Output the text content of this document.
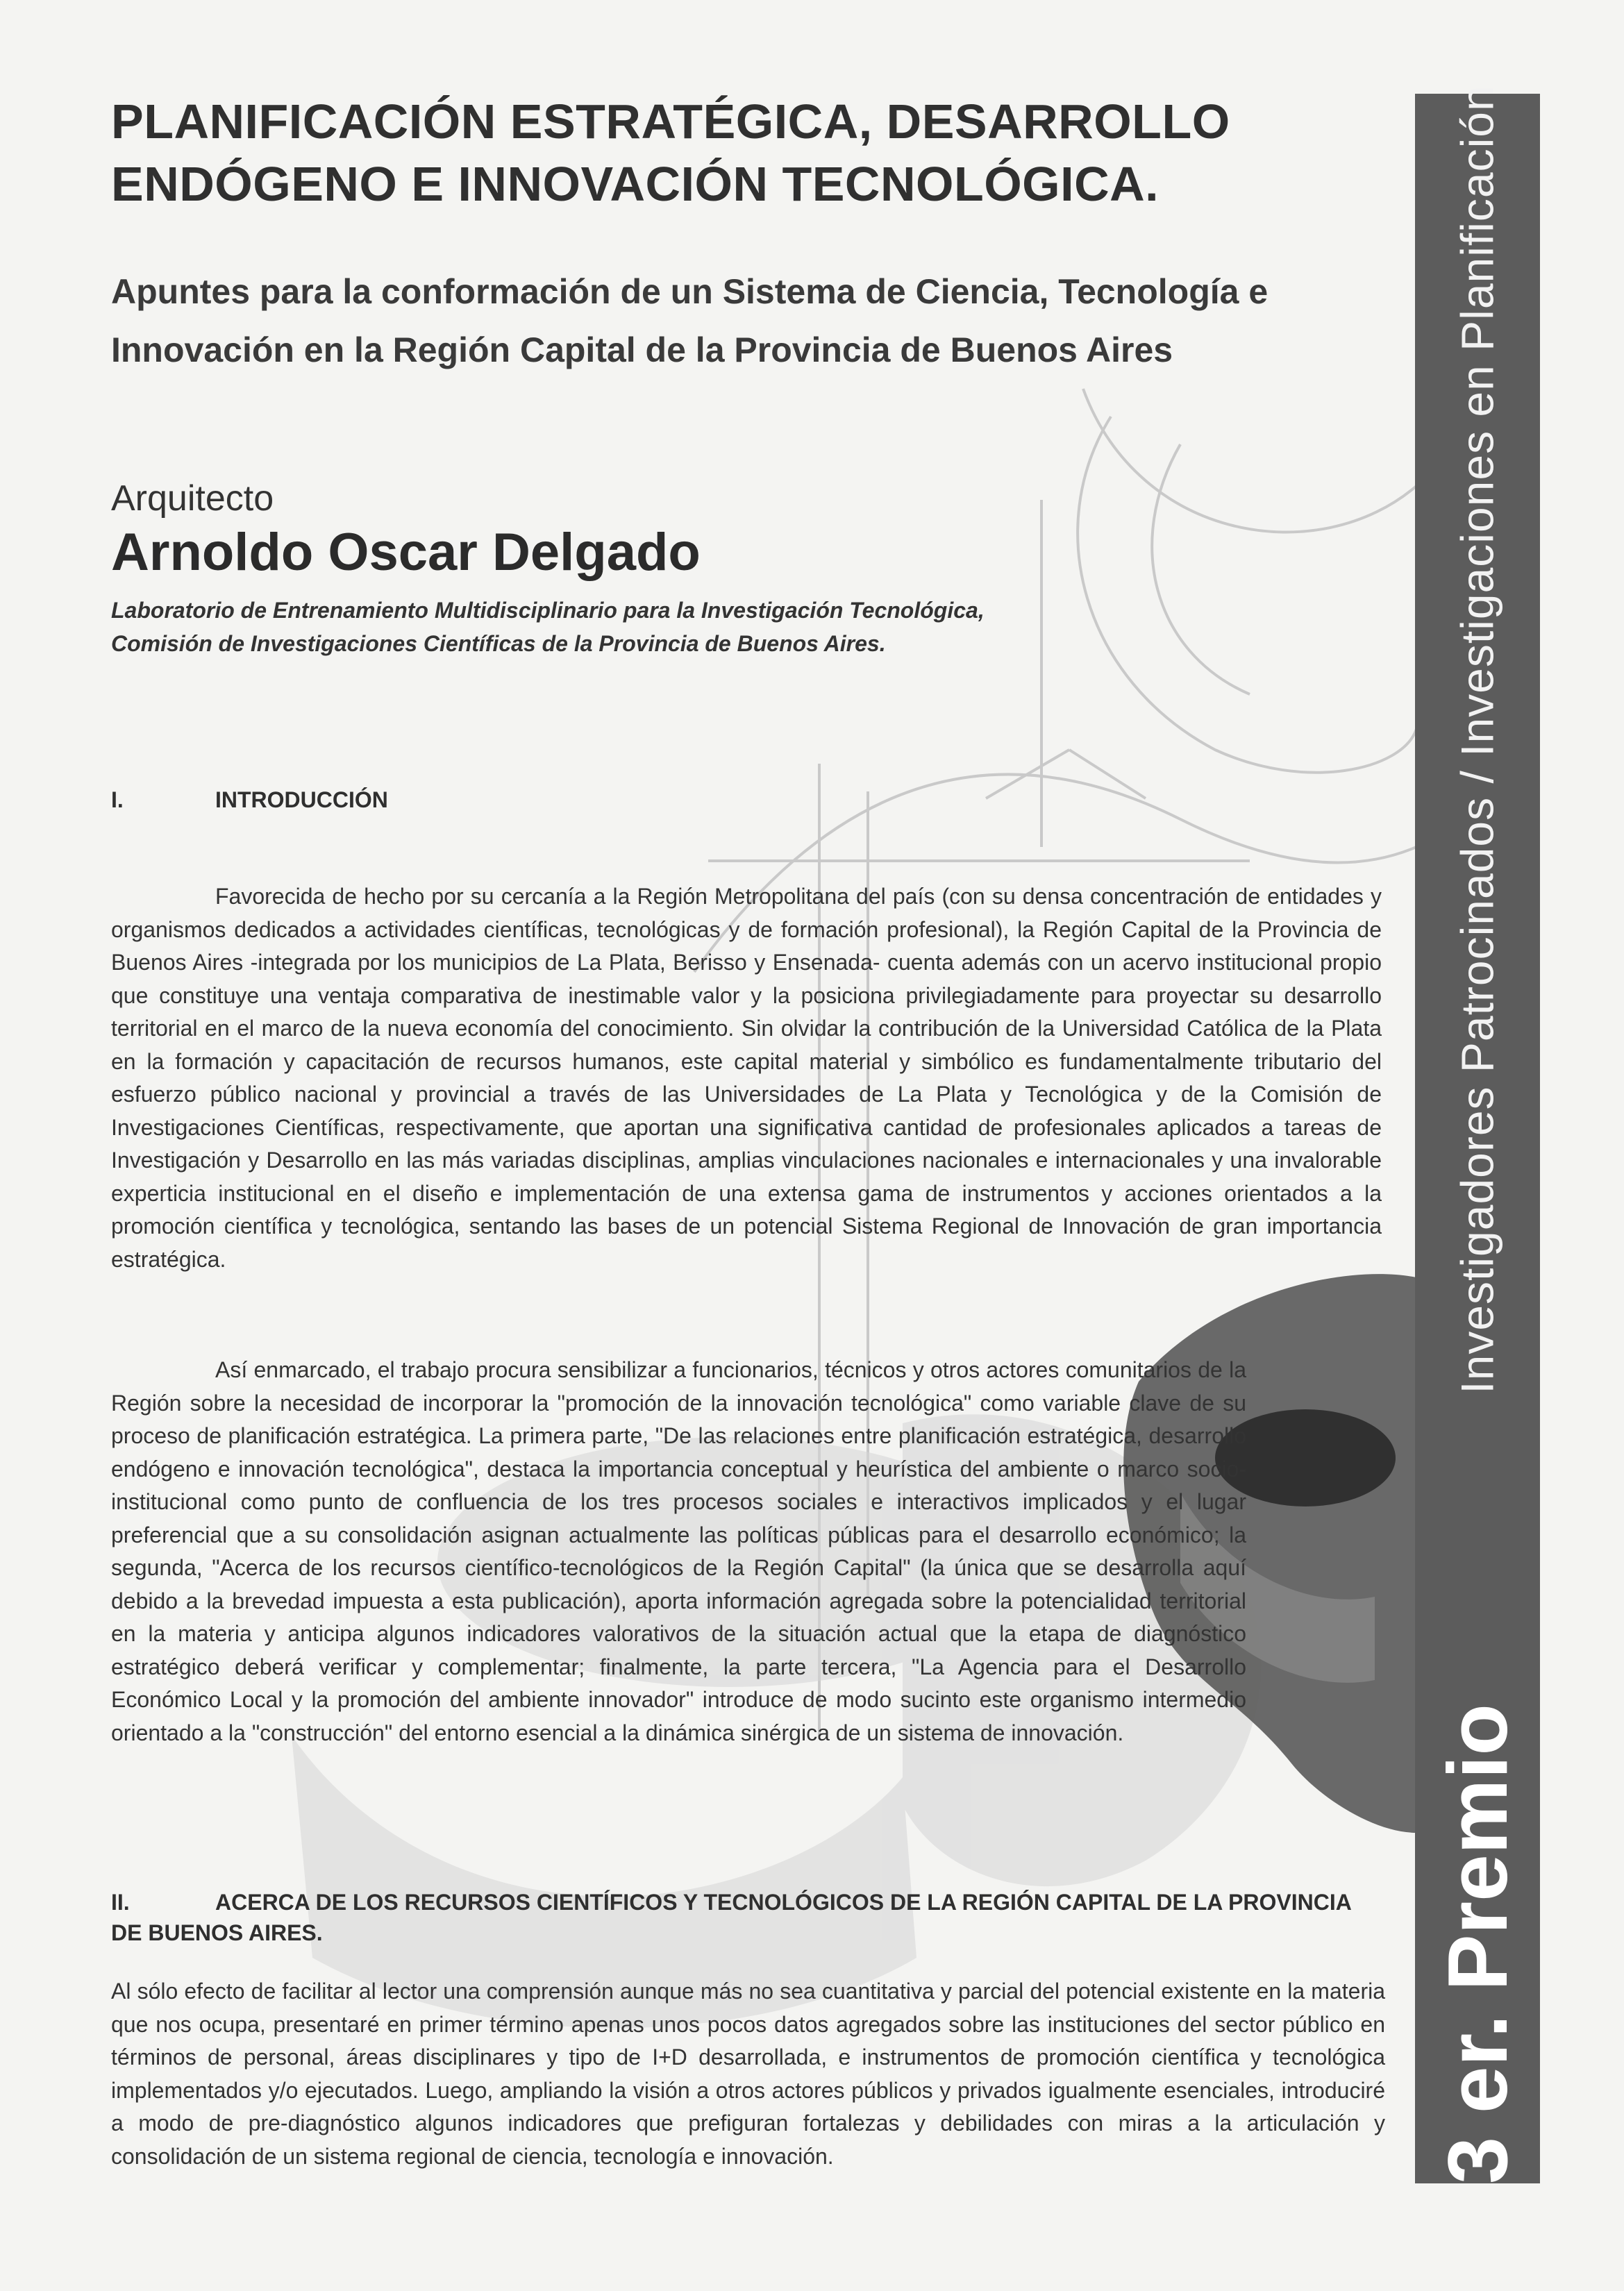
Investigadores Patrocinados / Investigaciones en Planificación
3 er. Premio
PLANIFICACIÓN ESTRATÉGICA, DESARROLLO ENDÓGENO E INNOVACIÓN TECNOLÓGICA.
Apuntes para la conformación de un Sistema de Ciencia, Tecnología e Innovación en la Región Capital de la Provincia de Buenos Aires
Arquitecto
Arnoldo Oscar Delgado
Laboratorio de Entrenamiento Multidisciplinario para la Investigación Tecnológica,
Comisión de Investigaciones Científicas de la Provincia de Buenos Aires.
I.	INTRODUCCIÓN

Favorecida de hecho por su cercanía a la Región Metropolitana del país (con su densa concentración de entidades y organismos dedicados a actividades científicas, tecnológicas y de formación profesional), la Región Capital de la Provincia de Buenos Aires -integrada por los municipios de La Plata, Berisso y Ensenada- cuenta además con un acervo institucional propio que constituye una ventaja comparativa de inestimable valor y la posiciona privilegiadamente para proyectar su desarrollo territorial en el marco de la nueva economía del conocimiento. Sin olvidar la contribución de la Universidad Católica de la Plata en la formación y capacitación de recursos humanos, este capital material y simbólico es fundamentalmente tributario del esfuerzo público nacional y provincial a través de las Universidades de La Plata y Tecnológica y de la Comisión de Investigaciones Científicas, respectivamente, que aportan una significativa cantidad de profesionales aplicados a tareas de Investigación y Desarrollo en las más variadas disciplinas, amplias vinculaciones nacionales e internacionales y una invalorable experticia institucional en el diseño e implementación de una extensa gama de instrumentos y acciones orientados a la promoción científica y tecnológica, sentando las bases de un potencial Sistema Regional de Innovación de gran importancia estratégica.

Así enmarcado, el trabajo procura sensibilizar a funcionarios, técnicos y otros actores comunitarios de la Región sobre la necesidad de incorporar la "promoción de la innovación tecnológica" como variable clave de su proceso de planificación estratégica. La primera parte, "De las relaciones entre planificación estratégica, desarrollo endógeno e innovación tecnológica", destaca la importancia conceptual y heurística del ambiente o marco socio-institucional como punto de confluencia de los tres procesos sociales e interactivos implicados y el lugar preferencial que a su consolidación asignan actualmente las políticas públicas para el desarrollo económico; la segunda, "Acerca de los recursos científico-tecnológicos de la Región Capital" (la única que se desarrolla aquí debido a la brevedad impuesta a esta publicación), aporta información agregada sobre la potencialidad territorial en la materia y anticipa algunos indicadores valorativos de la situación actual que la etapa de diagnóstico estratégico deberá verificar y complementar; finalmente, la parte tercera, "La Agencia para el Desarrollo Económico Local y la promoción del ambiente innovador" introduce de modo sucinto este organismo intermedio orientado a la "construcción" del entorno esencial a la dinámica sinérgica de un sistema de innovación.

II.	ACERCA DE LOS RECURSOS CIENTÍFICOS Y TECNOLÓGICOS DE LA REGIÓN CAPITAL DE LA PROVINCIA DE BUENOS AIRES.

Al sólo efecto de facilitar al lector una comprensión aunque más no sea cuantitativa y parcial del potencial existente en la materia que nos ocupa, presentaré en primer término apenas unos pocos datos agregados sobre las instituciones del sector público en términos de personal, áreas disciplinares y tipo de I+D desarrollada, e instrumentos de promoción científica y tecnológica implementados y/o ejecutados. Luego, ampliando la visión a otros actores públicos y privados igualmente esenciales, introduciré a modo de pre-diagnóstico algunos indicadores que prefiguran fortalezas y debilidades con miras a la articulación y consolidación de un sistema regional de ciencia, tecnología e innovación.
